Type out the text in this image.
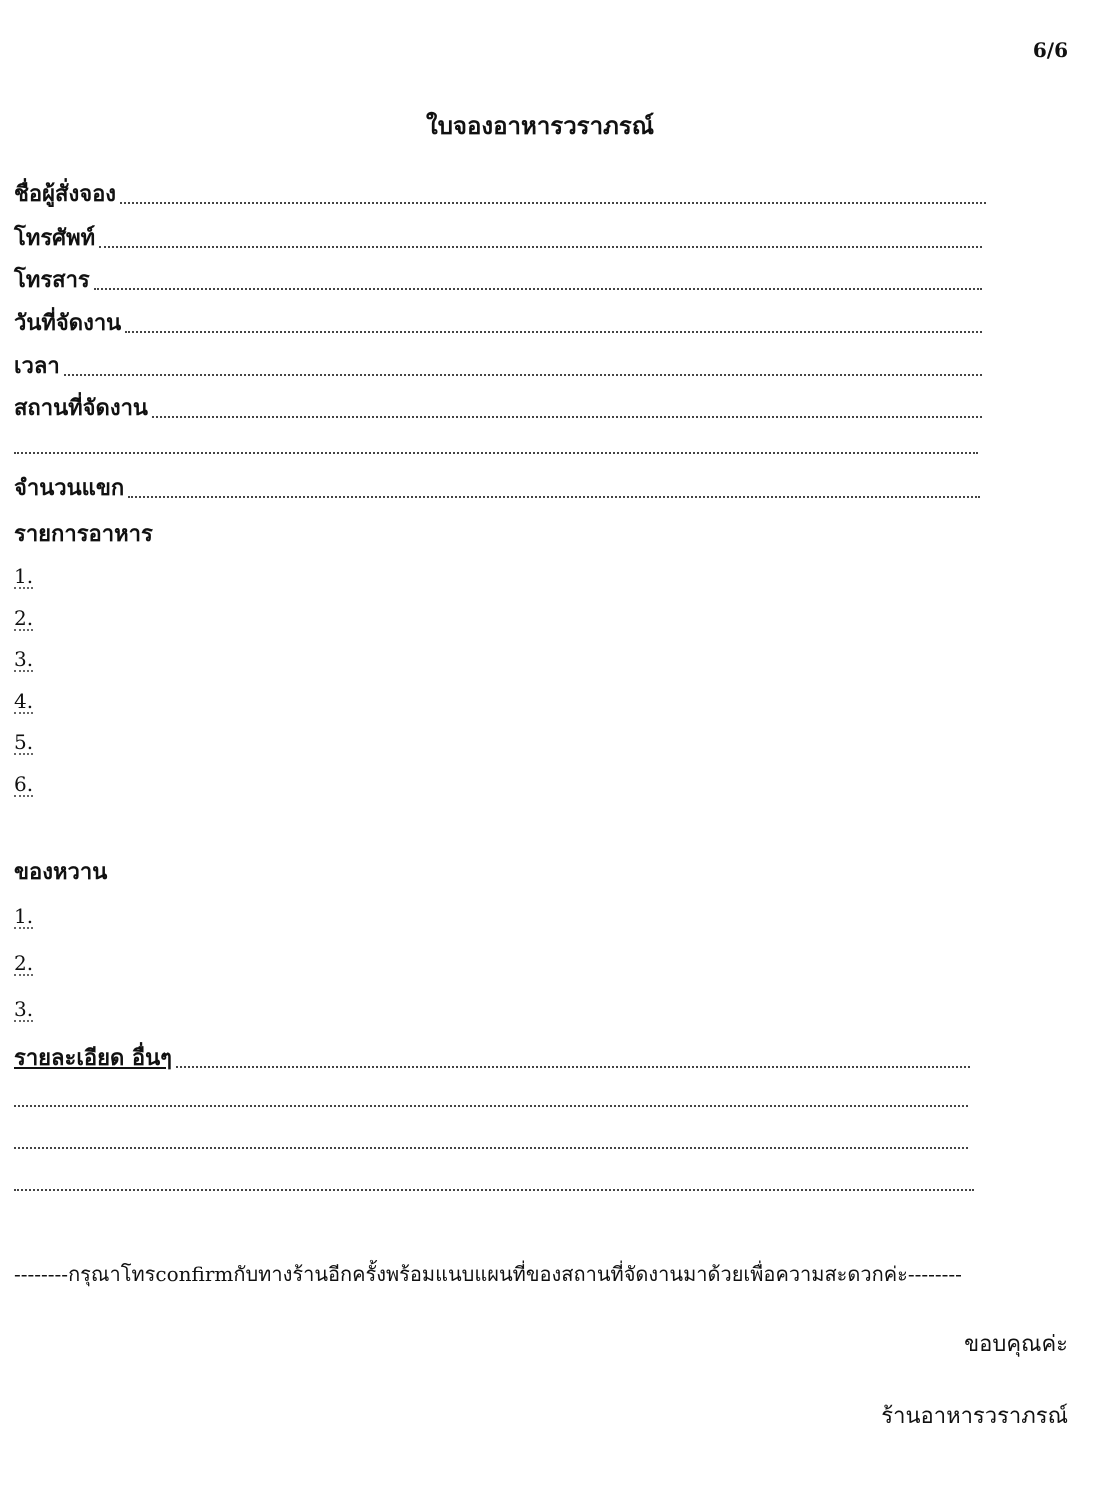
6/6
ใบจองอาหารวราภรณ์
ชื่อผู้สั่งจอง
โทรศัพท์
โทรสาร
วันที่จัดงาน
เวลา
สถานที่จัดงาน
จำนวนแขก
รายการอาหาร
1.
2.
3.
4.
5.
6.
ของหวาน
1.
2.
3.
รายละเอียด อื่นๆ
--------กรุณาโทรconfirmกับทางร้านอีกครั้งพร้อมแนบแผนที่ของสถานที่จัดงานมาด้วยเพื่อความสะดวกค่ะ--------
ขอบคุณค่ะ
ร้านอาหารวราภรณ์
